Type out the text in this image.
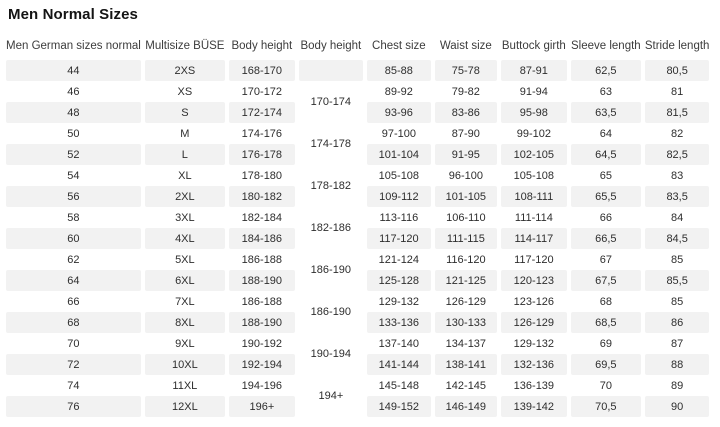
Men Normal Sizes
Men German sizes normal	Multisize BÜSE	Body height	Body height	Chest size	Waist size	Buttock girth	Sleeve length	Stride length
44	2XS	168-170		85-88	75-78	87-91	62,5	80,5
46	XS	170-172	170-174	89-92	79-82	91-94	63	81
48	S	172-174		93-96	83-86	95-98	63,5	81,5
50	M	174-176	174-178	97-100	87-90	99-102	64	82
52	L	176-178		101-104	91-95	102-105	64,5	82,5
54	XL	178-180	178-182	105-108	96-100	105-108	65	83
56	2XL	180-182		109-112	101-105	108-111	65,5	83,5
58	3XL	182-184	182-186	113-116	106-110	111-114	66	84
60	4XL	184-186		117-120	111-115	114-117	66,5	84,5
62	5XL	186-188	186-190	121-124	116-120	117-120	67	85
64	6XL	188-190		125-128	121-125	120-123	67,5	85,5
66	7XL	186-188	186-190	129-132	126-129	123-126	68	85
68	8XL	188-190		133-136	130-133	126-129	68,5	86
70	9XL	190-192	190-194	137-140	134-137	129-132	69	87
72	10XL	192-194		141-144	138-141	132-136	69,5	88
74	11XL	194-196	194+	145-148	142-145	136-139	70	89
76	12XL	196+		149-152	146-149	139-142	70,5	90
